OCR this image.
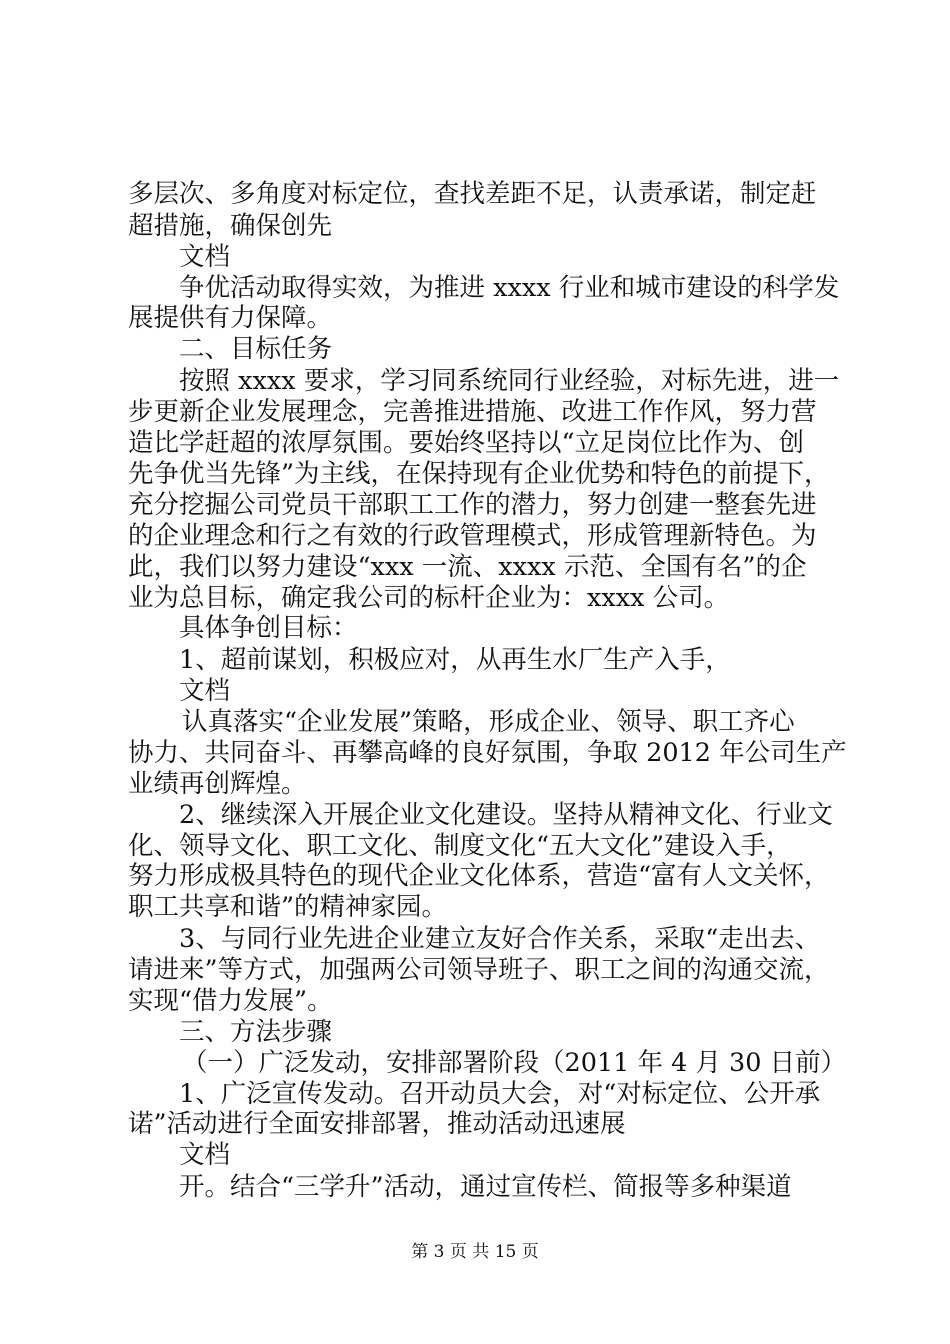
多层次、多角度对标定位，查找差距不足，认责承诺，制定赶
超措施，确保创先
文档
争优活动取得实效，为推进 xxxx 行业和城市建设的科学发
展提供有力保障。
二、目标任务
按照 xxxx 要求，学习同系统同行业经验，对标先进，进一
步更新企业发展理念，完善推进措施、改进工作作风，努力营
造比学赶超的浓厚氛围。要始终坚持以“立足岗位比作为、创
先争优当先锋”为主线，在保持现有企业优势和特色的前提下，
充分挖掘公司党员干部职工工作的潜力，努力创建一整套先进
的企业理念和行之有效的行政管理模式，形成管理新特色。为
此，我们以努力建设“xxx 一流、xxxx 示范、全国有名”的企
业为总目标，确定我公司的标杆企业为：xxxx 公司。
具体争创目标：
1、超前谋划，积极应对，从再生水厂生产入手，
文档
认真落实“企业发展”策略，形成企业、领导、职工齐心
协力、共同奋斗、再攀高峰的良好氛围，争取 2012 年公司生产
业绩再创辉煌。
2、继续深入开展企业文化建设。坚持从精神文化、行业文
化、领导文化、职工文化、制度文化“五大文化”建设入手，
努力形成极具特色的现代企业文化体系，营造“富有人文关怀，
职工共享和谐”的精神家园。
3、与同行业先进企业建立友好合作关系，采取“走出去、
请进来”等方式，加强两公司领导班子、职工之间的沟通交流，
实现“借力发展”。
三、方法步骤
（一）广泛发动，安排部署阶段（2011 年 4 月 30 日前）
1、广泛宣传发动。召开动员大会，对“对标定位、公开承
诺”活动进行全面安排部署，推动活动迅速展
文档
开。结合“三学升”活动，通过宣传栏、简报等多种渠道
第 3 页 共 15 页
